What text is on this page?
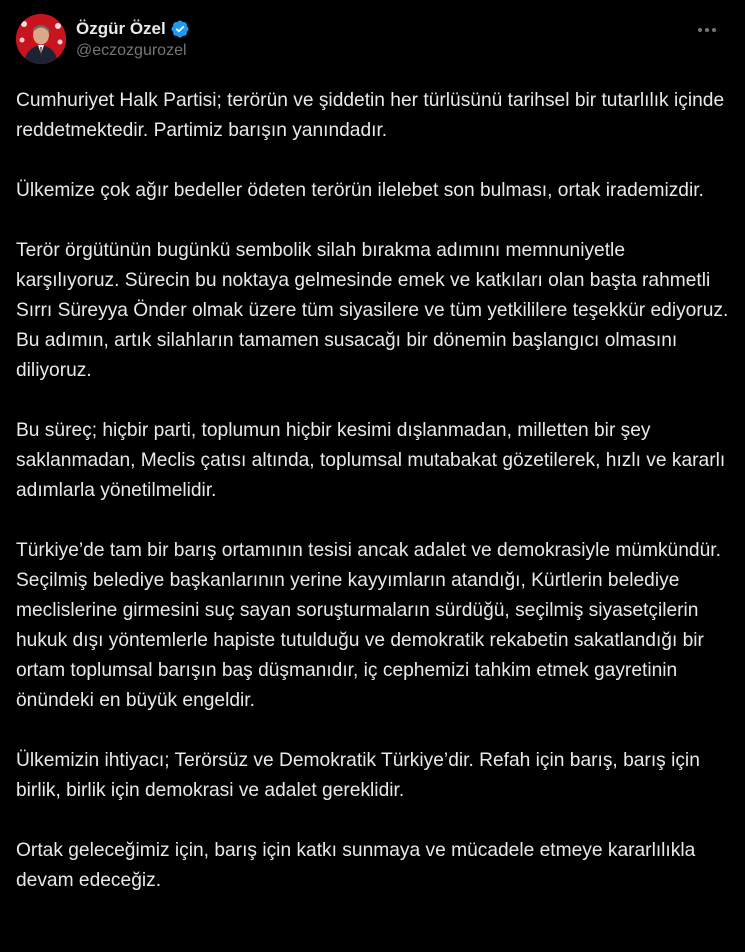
Özgür Özel
@eczozgurozel

Cumhuriyet Halk Partisi; terörün ve şiddetin her türlüsünü tarihsel bir tutarlılık içinde reddetmektedir. Partimiz barışın yanındadır.

Ülkemize çok ağır bedeller ödeten terörün ilelebet son bulması, ortak irademizdir.

Terör örgütünün bugünkü sembolik silah bırakma adımını memnuniyetle karşılıyoruz. Sürecin bu noktaya gelmesinde emek ve katkıları olan başta rahmetli Sırrı Süreyya Önder olmak üzere tüm siyasilere ve tüm yetkililere teşekkür ediyoruz. Bu adımın, artık silahların tamamen susacağı bir dönemin başlangıcı olmasını diliyoruz.

Bu süreç; hiçbir parti, toplumun hiçbir kesimi dışlanmadan, milletten bir şey saklanmadan, Meclis çatısı altında, toplumsal mutabakat gözetilerek, hızlı ve kararlı adımlarla yönetilmelidir.

Türkiye’de tam bir barış ortamının tesisi ancak adalet ve demokrasiyle mümkündür. Seçilmiş belediye başkanlarının yerine kayyımların atandığı, Kürtlerin belediye meclislerine girmesini suç sayan soruşturmaların sürdüğü, seçilmiş siyasetçilerin hukuk dışı yöntemlerle hapiste tutulduğu ve demokratik rekabetin sakatlandığı bir ortam toplumsal barışın baş düşmanıdır, iç cephemizi tahkim etmek gayretinin önündeki en büyük engeldir.

Ülkemizin ihtiyacı; Terörsüz ve Demokratik Türkiye’dir. Refah için barış, barış için birlik, birlik için demokrasi ve adalet gereklidir.

Ortak geleceğimiz için, barış için katkı sunmaya ve mücadele etmeye kararlılıkla devam edeceğiz.
